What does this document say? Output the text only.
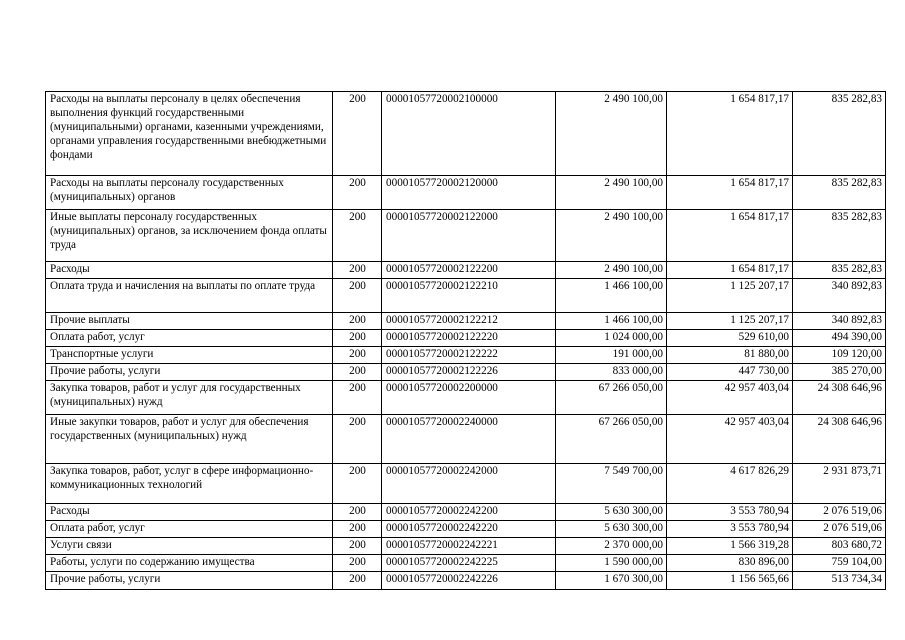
Расходы на выплаты персоналу в целях обеспечения выполнения функций государственными (муниципальными) органами, казенными учреждениями, органами управления государственными внебюджетными фондами	200	00001057720002100000	2 490 100,00	1 654 817,17	835 282,83
Расходы на выплаты персоналу государственных (муниципальных) органов	200	00001057720002120000	2 490 100,00	1 654 817,17	835 282,83
Иные выплаты персоналу государственных (муниципальных) органов, за исключением фонда оплаты труда	200	00001057720002122000	2 490 100,00	1 654 817,17	835 282,83
Расходы	200	00001057720002122200	2 490 100,00	1 654 817,17	835 282,83
Оплата труда и начисления на выплаты по оплате труда	200	00001057720002122210	1 466 100,00	1 125 207,17	340 892,83
Прочие выплаты	200	00001057720002122212	1 466 100,00	1 125 207,17	340 892,83
Оплата работ, услуг	200	00001057720002122220	1 024 000,00	529 610,00	494 390,00
Транспортные услуги	200	00001057720002122222	191 000,00	81 880,00	109 120,00
Прочие работы, услуги	200	00001057720002122226	833 000,00	447 730,00	385 270,00
Закупка товаров, работ и услуг для государственных (муниципальных) нужд	200	00001057720002200000	67 266 050,00	42 957 403,04	24 308 646,96
Иные закупки товаров, работ и услуг для обеспечения государственных (муниципальных) нужд	200	00001057720002240000	67 266 050,00	42 957 403,04	24 308 646,96
Закупка товаров, работ, услуг в сфере информационно-коммуникационных технологий	200	00001057720002242000	7 549 700,00	4 617 826,29	2 931 873,71
Расходы	200	00001057720002242200	5 630 300,00	3 553 780,94	2 076 519,06
Оплата работ, услуг	200	00001057720002242220	5 630 300,00	3 553 780,94	2 076 519,06
Услуги связи	200	00001057720002242221	2 370 000,00	1 566 319,28	803 680,72
Работы, услуги по содержанию имущества	200	00001057720002242225	1 590 000,00	830 896,00	759 104,00
Прочие работы, услуги	200	00001057720002242226	1 670 300,00	1 156 565,66	513 734,34
